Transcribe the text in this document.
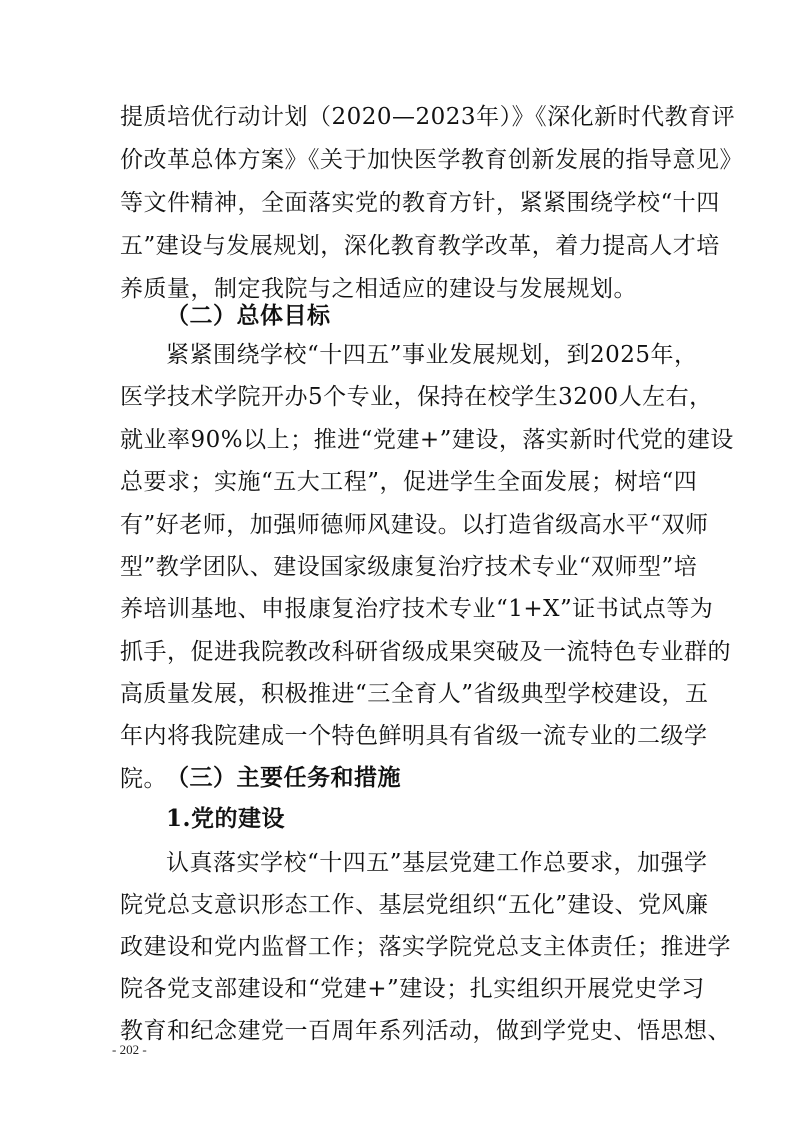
提质培优行动计划（2020—2023年）》《深化新时代教育评
价改革总体方案》《关于加快医学教育创新发展的指导意见》
等文件精神，全面落实党的教育方针，紧紧围绕学校“十四
五”建设与发展规划，深化教育教学改革，着力提高人才培
养质量，制定我院与之相适应的建设与发展规划。
（二）总体目标
紧紧围绕学校“十四五”事业发展规划，到2025年，
医学技术学院开办5个专业，保持在校学生3200人左右，
就业率90%以上；推进“党建+”建设，落实新时代党的建设
总要求；实施“五大工程”，促进学生全面发展；树培“四
有”好老师，加强师德师风建设。以打造省级高水平“双师
型”教学团队、建设国家级康复治疗技术专业“双师型”培
养培训基地、申报康复治疗技术专业“1+X”证书试点等为
抓手，促进我院教改科研省级成果突破及一流特色专业群的
高质量发展，积极推进“三全育人”省级典型学校建设，五
年内将我院建成一个特色鲜明具有省级一流专业的二级学
院。 （三）主要任务和措施
1.党的建设
认真落实学校“十四五”基层党建工作总要求，加强学
院党总支意识形态工作、基层党组织“五化”建设、党风廉
政建设和党内监督工作；落实学院党总支主体责任；推进学
院各党支部建设和“党建+”建设；扎实组织开展党史学习
教育和纪念建党一百周年系列活动，做到学党史、悟思想、
- 202 -
